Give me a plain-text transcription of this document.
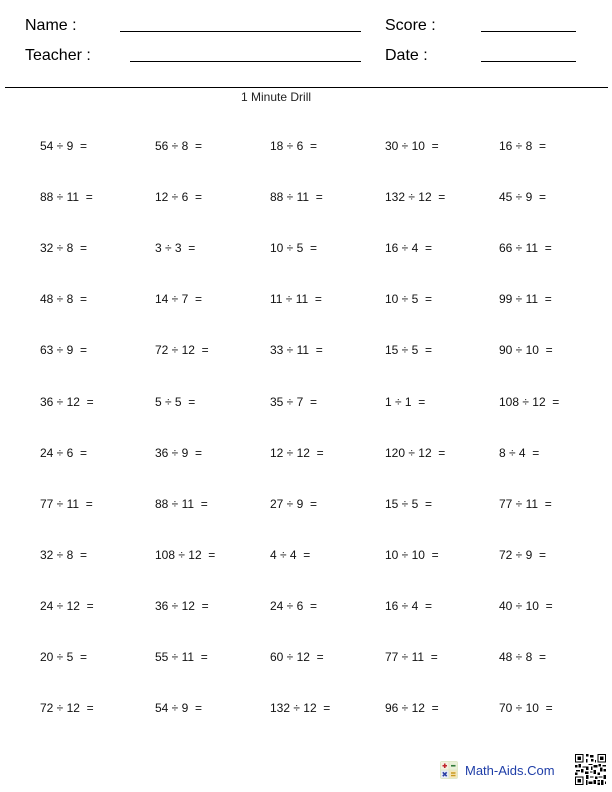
Name :
Teacher :
Score :
Date :
1 Minute Drill
54 ÷ 9  =	56 ÷ 8  =	18 ÷ 6  =	30 ÷ 10  =	16 ÷ 8  =
88 ÷ 11  =	12 ÷ 6  =	88 ÷ 11  =	132 ÷ 12  =	45 ÷ 9  =
32 ÷ 8  =	3 ÷ 3  =	10 ÷ 5  =	16 ÷ 4  =	66 ÷ 11  =
48 ÷ 8  =	14 ÷ 7  =	11 ÷ 11  =	10 ÷ 5  =	99 ÷ 11  =
63 ÷ 9  =	72 ÷ 12  =	33 ÷ 11  =	15 ÷ 5  =	90 ÷ 10  =
36 ÷ 12  =	5 ÷ 5  =	35 ÷ 7  =	1 ÷ 1  =	108 ÷ 12  =
24 ÷ 6  =	36 ÷ 9  =	12 ÷ 12  =	120 ÷ 12  =	8 ÷ 4  =
77 ÷ 11  =	88 ÷ 11  =	27 ÷ 9  =	15 ÷ 5  =	77 ÷ 11  =
32 ÷ 8  =	108 ÷ 12  =	4 ÷ 4  =	10 ÷ 10  =	72 ÷ 9  =
24 ÷ 12  =	36 ÷ 12  =	24 ÷ 6  =	16 ÷ 4  =	40 ÷ 10  =
20 ÷ 5  =	55 ÷ 11  =	60 ÷ 12  =	77 ÷ 11  =	48 ÷ 8  =
72 ÷ 12  =	54 ÷ 9  =	132 ÷ 12  =	96 ÷ 12  =	70 ÷ 10  =
Math-Aids.Com
